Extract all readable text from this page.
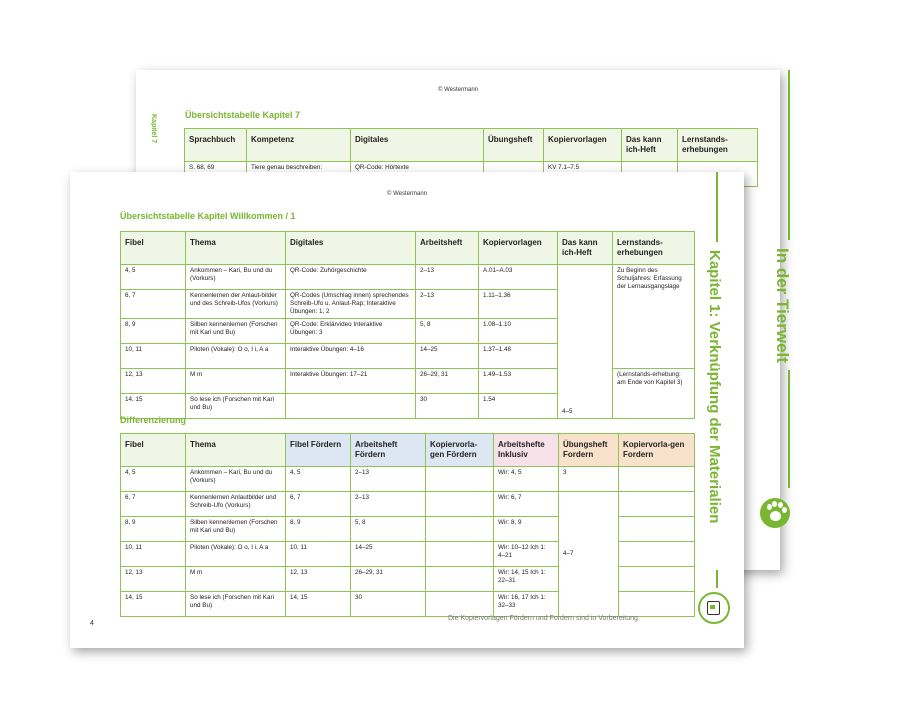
© Westermann
Kapitel 7	Übersichtstabelle Kapitel 7
Sprachbuch	Kompetenz	Digitales	Übungsheft	Kopiervorlagen	Das kann ich-Heft	Lernstands-erhebungen
S. 68, 69	Tiere genau beschreiben:	QR-Code: Hörtexte		KV 7.1–7.5		
In der Tierwelt
© Westermann
Übersichtstabelle Kapitel Willkommen / 1
Fibel	Thema	Digitales	Arbeitsheft	Kopiervorlagen	Das kann ich-Heft	Lernstands-erhebungen
4, 5	Ankommen – Kari, Bu und du (Vorkurs)	QR-Code: Zuhörgeschichte	2–13	A.01–A.03	4–5	Zu Beginn des Schuljahres: Erfassung der Lernausgangslage
6, 7	Kennenlernen der Anlaut-bilder und des Schreib-Ufos (Vorkurs)	QR-Codes (Umschlag innen) sprechendes Schreib-Ufo u. Anlaut-Rap; Interaktive Übungen: 1, 2	2–13	1.11–1.36		
8, 9	Silben kennenlernen (Forschen mit Kari und Bu)	QR-Code: Erklärvideo Interaktive Übungen: 3	5, 8	1.08–1.10		
10, 11	Piloten (Vokale): O o, I i, A a	Interaktive Übungen: 4–16	14–25	1.37–1.48		
12, 13	M m	Interaktive Übungen: 17–21	26–29, 31	1.49–1.53		(Lernstands-erhebung: am Ende von Kapitel 3)
14, 15	So lese ich (Forschen mit Kari und Bu)		30	1.54		
Differenzierung
Fibel	Thema	Fibel Fördern	Arbeitsheft Fördern	Kopiervorla-gen Fördern	Arbeitshefte Inklusiv	Übungsheft Fordern	Kopiervorla-gen Fordern
4, 5	Ankommen – Kari, Bu und du (Vorkurs)	4, 5	2–13		Wir: 4, 5	3	
6, 7	Kennenlernen Anlautbilder und Schreib-Ufo (Vorkurs)	6, 7	2–13		Wir: 6, 7	4–7	
8, 9	Silben kennenlernen (Forschen mit Kari und Bu)	8, 9	5, 8		Wir: 8, 9		
10, 11	Piloten (Vokale): O o, I i, A a	10, 11	14–25		Wir: 10–12 Ich 1: 4–21		
12, 13	M m	12, 13	26–29, 31		Wir: 14, 15 Ich 1: 22–31		
14, 15	So lese ich (Forschen mit Kari und Bu)	14, 15	30		Wir: 16, 17 Ich 1: 32–33		
Die Kopiervorlagen Fördern und Fordern sind in Vorbereitung.
4
Kapitel 1: Verknüpfung der Materialien
